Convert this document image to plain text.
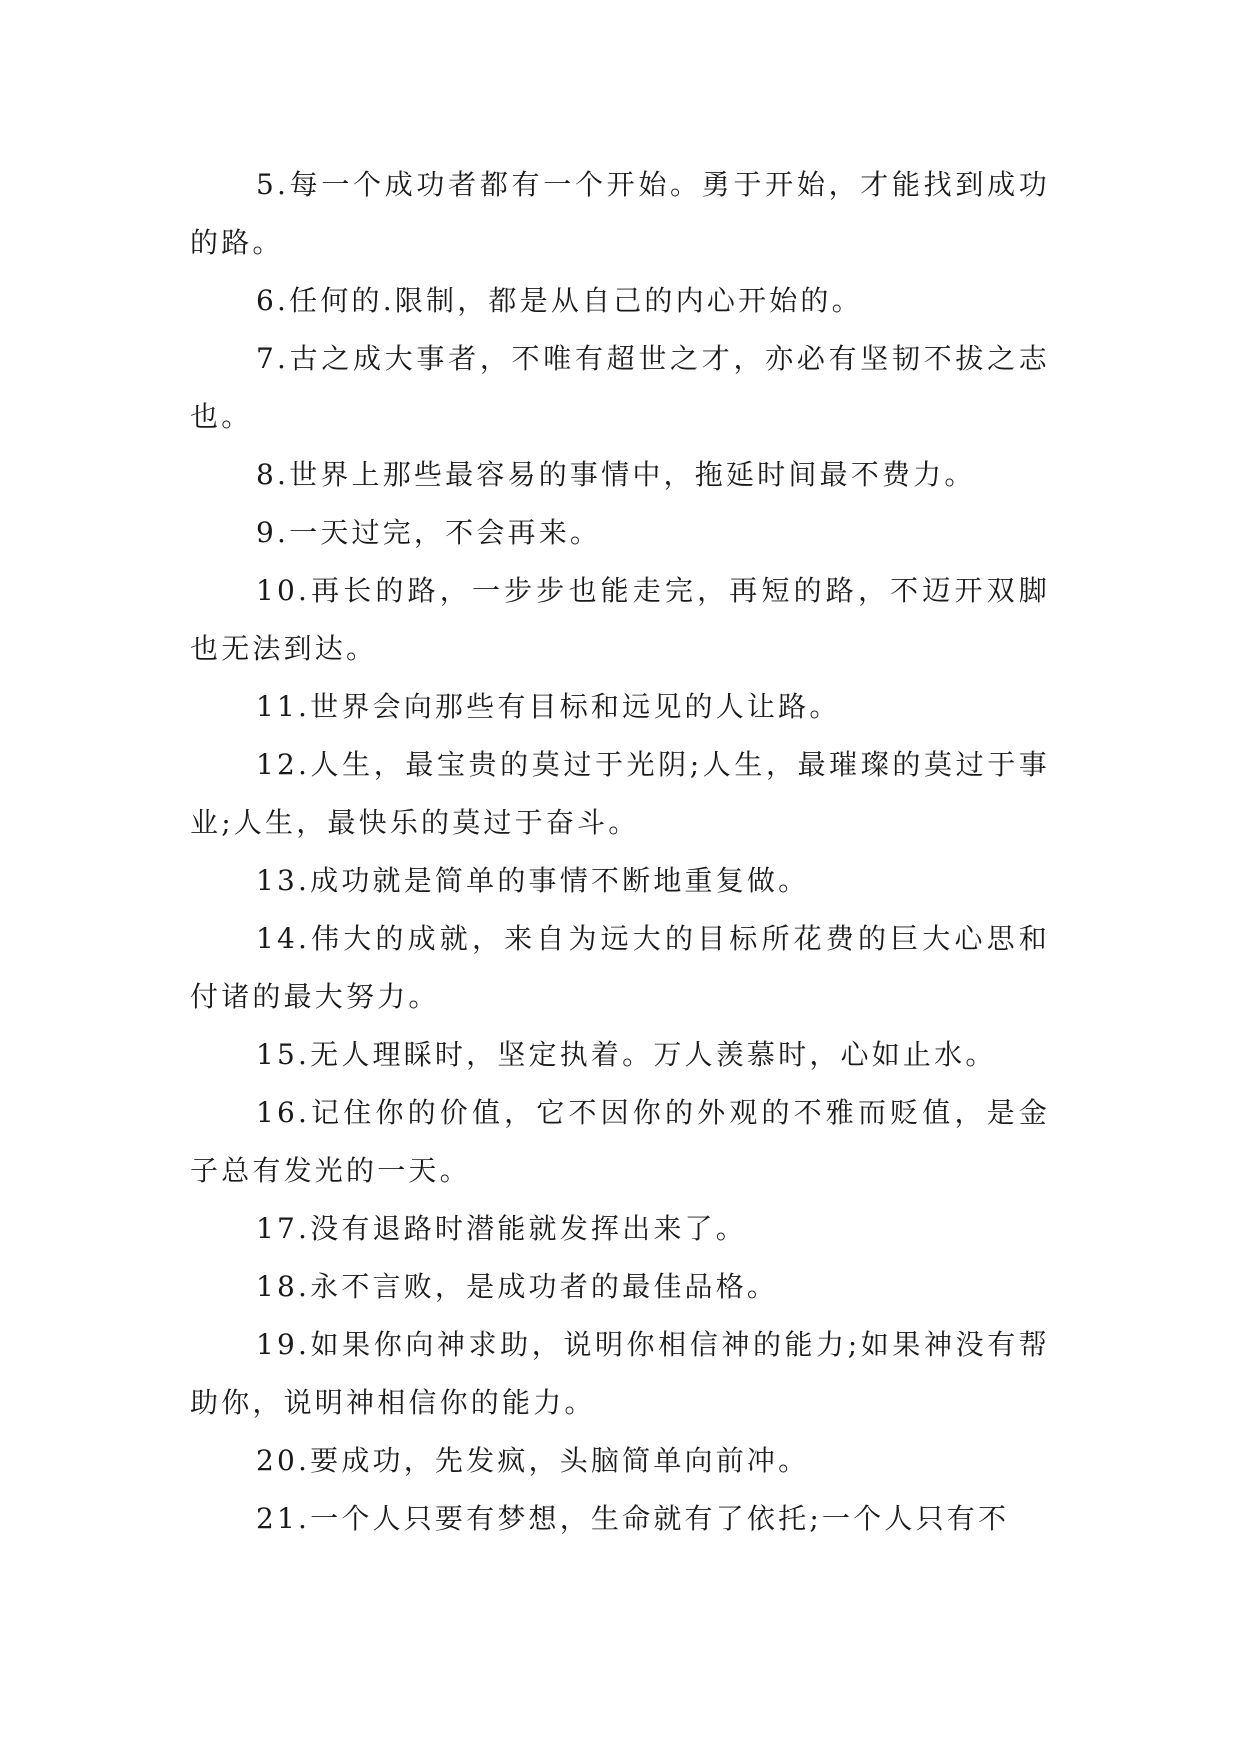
5.每一个成功者都有一个开始。勇于开始，才能找到成功的路。

6.任何的.限制，都是从自己的内心开始的。

7.古之成大事者，不唯有超世之才，亦必有坚韧不拔之志也。

8.世界上那些最容易的事情中，拖延时间最不费力。

9.一天过完，不会再来。

10.再长的路，一步步也能走完，再短的路，不迈开双脚也无法到达。

11.世界会向那些有目标和远见的人让路。

12.人生，最宝贵的莫过于光阴;人生，最璀璨的莫过于事业;人生，最快乐的莫过于奋斗。

13.成功就是简单的事情不断地重复做。

14.伟大的成就，来自为远大的目标所花费的巨大心思和付诸的最大努力。

15.无人理睬时，坚定执着。万人羡慕时，心如止水。

16.记住你的价值，它不因你的外观的不雅而贬值，是金子总有发光的一天。

17.没有退路时潜能就发挥出来了。

18.永不言败，是成功者的最佳品格。

19.如果你向神求助，说明你相信神的能力;如果神没有帮助你，说明神相信你的能力。

20.要成功，先发疯，头脑简单向前冲。

21.一个人只要有梦想，生命就有了依托;一个人只有不
